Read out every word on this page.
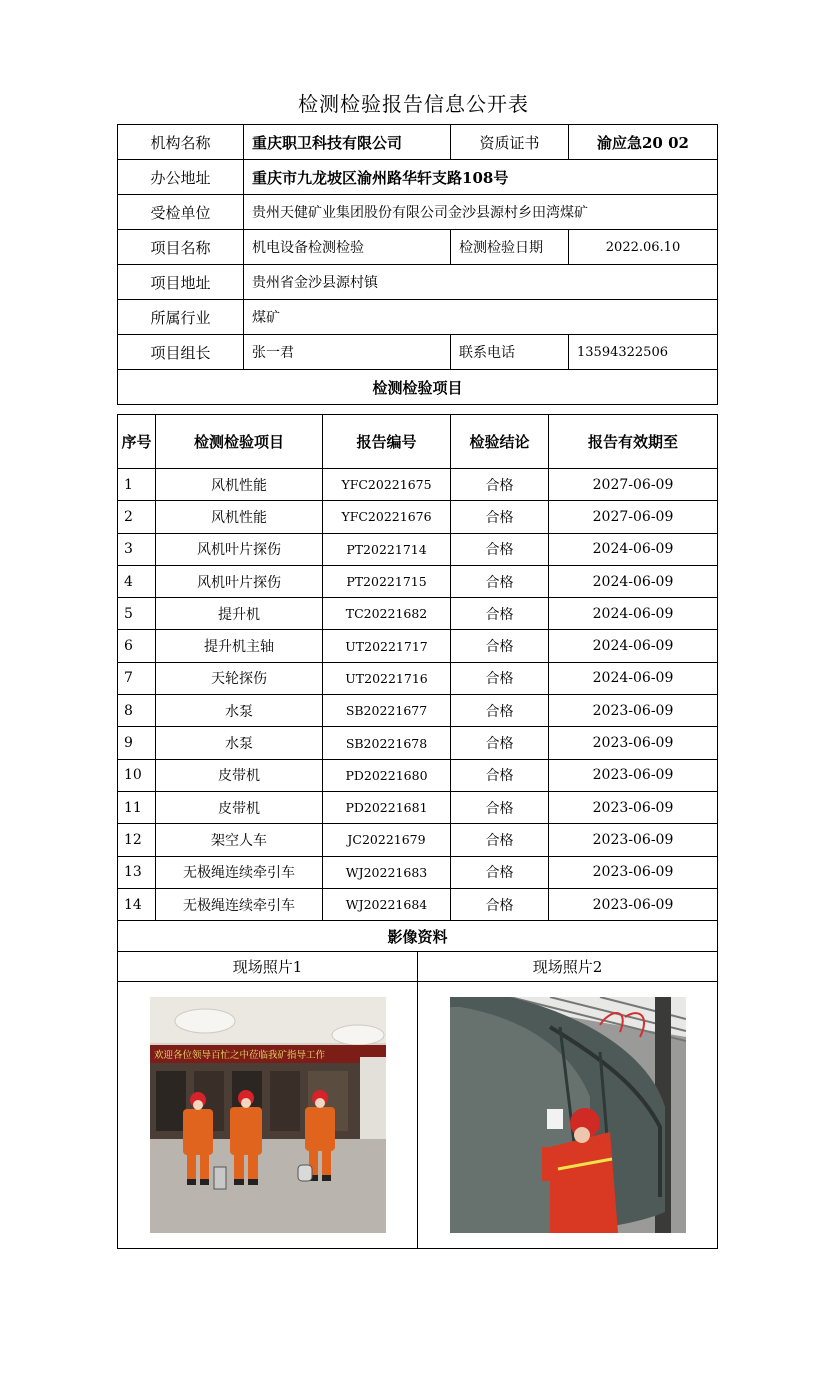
检测检验报告信息公开表
机构名称	重庆职卫科技有限公司	资质证书	渝应急20 02
办公地址	重庆市九龙坡区渝州路华轩支路108号		
受检单位	贵州天健矿业集团股份有限公司金沙县源村乡田湾煤矿		
项目名称	机电设备检测检验	检测检验日期	2022.06.10
项目地址	贵州省金沙县源村镇		
所属行业	煤矿		
项目组长	张一君	联系电话	13594322506
检测检验项目			
序号	检测检验项目	报告编号	检验结论	报告有效期至
1	风机性能	YFC20221675	合格	2027-06-09
2	风机性能	YFC20221676	合格	2027-06-09
3	风机叶片探伤	PT20221714	合格	2024-06-09
4	风机叶片探伤	PT20221715	合格	2024-06-09
5	提升机	TC20221682	合格	2024-06-09
6	提升机主轴	UT20221717	合格	2024-06-09
7	天轮探伤	UT20221716	合格	2024-06-09
8	水泵	SB20221677	合格	2023-06-09
9	水泵	SB20221678	合格	2023-06-09
10	皮带机	PD20221680	合格	2023-06-09
11	皮带机	PD20221681	合格	2023-06-09
12	架空人车	JC20221679	合格	2023-06-09
13	无极绳连续牵引车	WJ20221683	合格	2023-06-09
14	无极绳连续牵引车	WJ20221684	合格	2023-06-09
影像资料	
现场照片1	现场照片2

欢迎各位领导百忙之中莅临我矿指导工作
